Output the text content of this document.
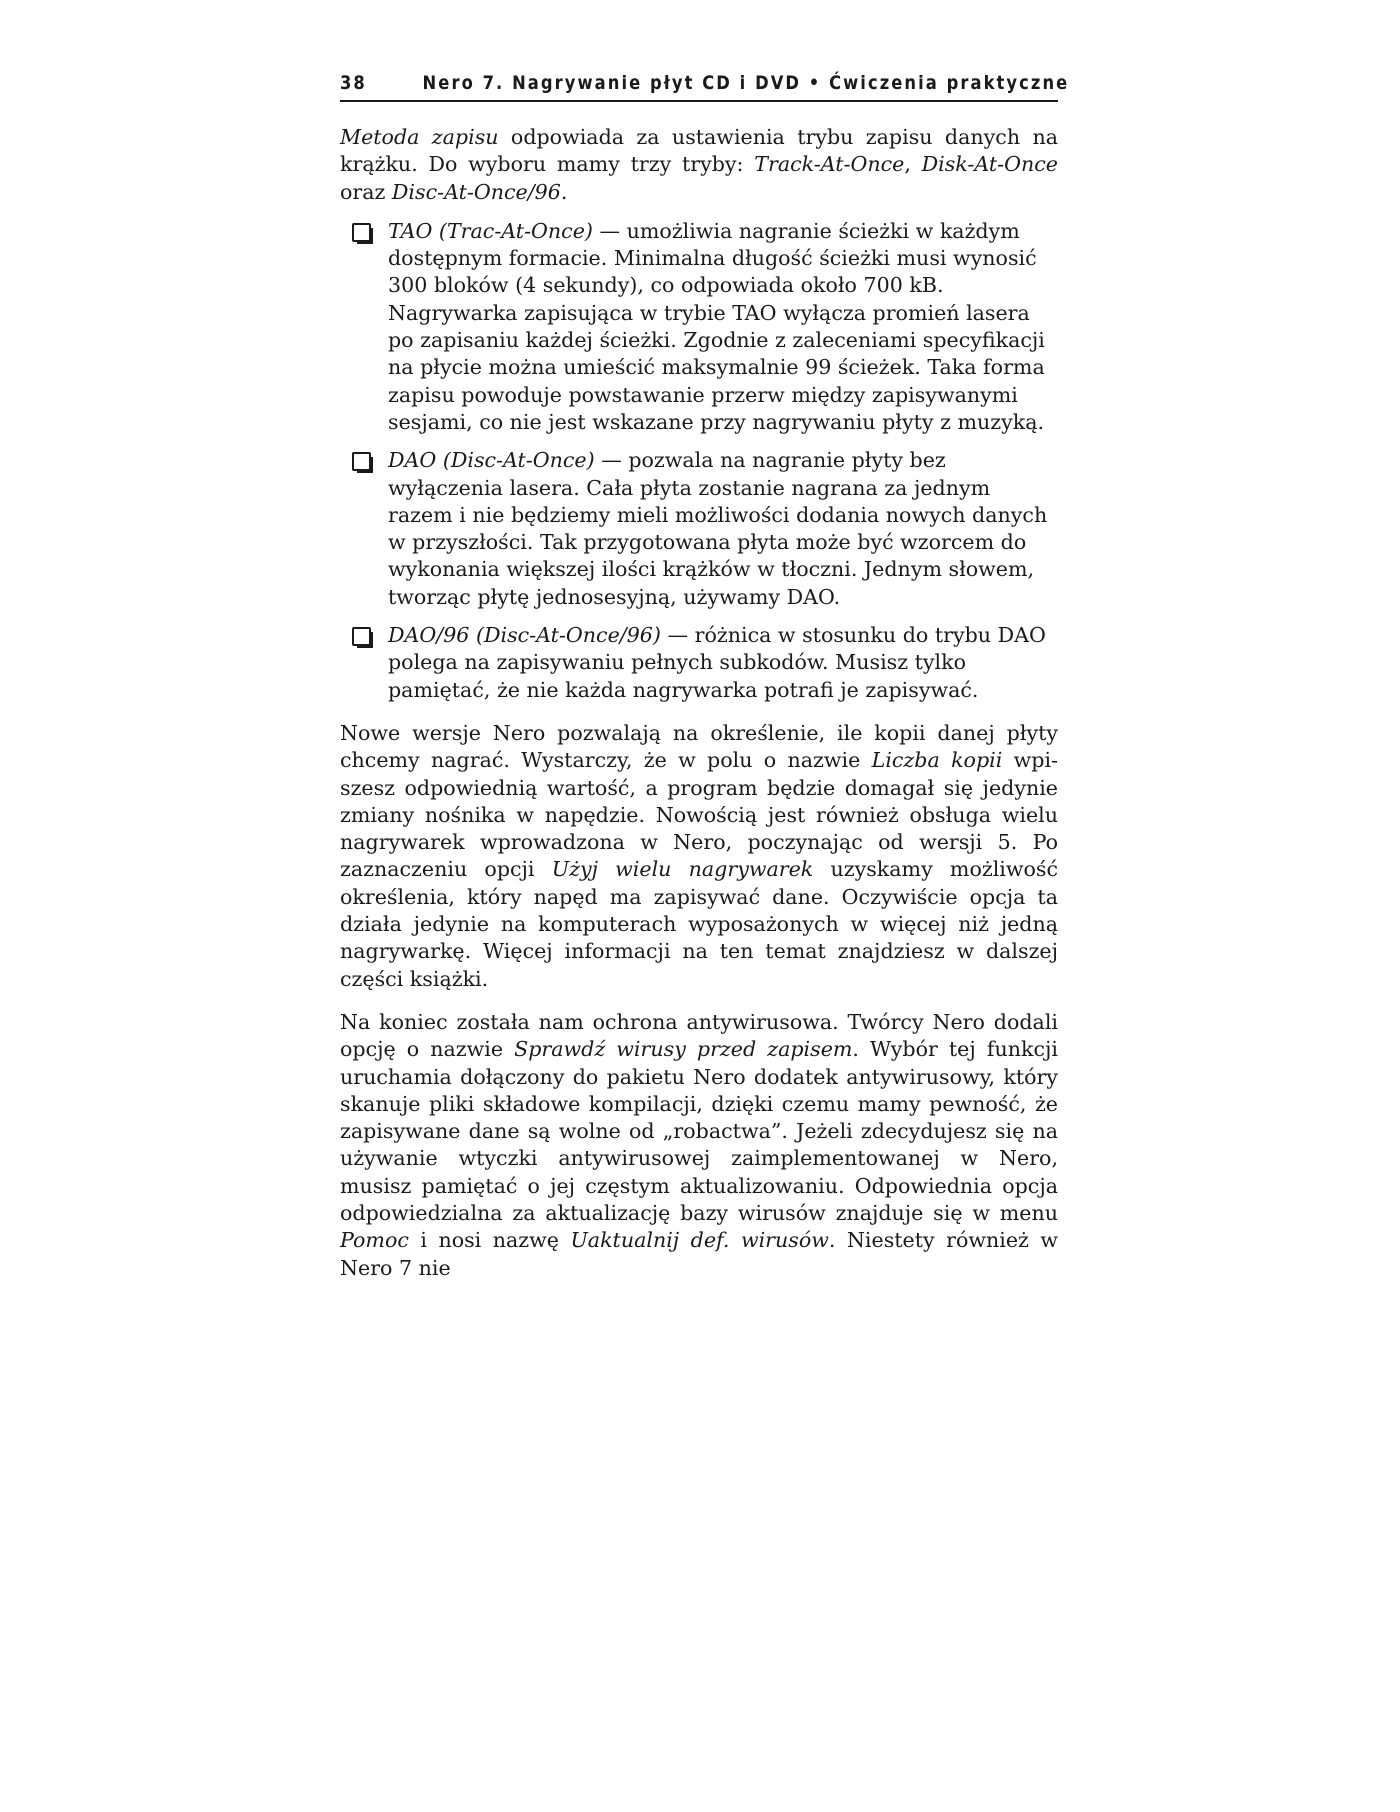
38	Nero 7. Nagrywanie płyt CD i DVD • Ćwiczenia praktyczne

Metoda zapisu odpowiada za ustawienia trybu zapisu danych na krążku. Do wyboru mamy trzy tryby: Track-At-Once, Disk-At-Once oraz Disc-At-Once/96.

TAO (Trac-At-Once) — umożliwia nagranie ścieżki w każdym dostępnym formacie. Minimalna długość ścieżki musi wynosić 300 bloków (4 sekundy), co odpowiada około 700 kB. Nagrywarka zapisująca w trybie TAO wyłącza promień lasera po zapisaniu każdej ścieżki. Zgodnie z zaleceniami specyfikacji na płycie można umieścić maksymalnie 99 ścieżek. Taka forma zapisu powoduje powstawanie przerw między zapisywanymi sesjami, co nie jest wskazane przy nagrywaniu płyty z muzyką.
DAO (Disc-At-Once) — pozwala na nagranie płyty bez wyłączenia lasera. Cała płyta zostanie nagrana za jednym razem i nie będziemy mieli możliwości dodania nowych danych w przyszłości. Tak przygotowana płyta może być wzorcem do wykonania większej ilości krążków w tłoczni. Jednym słowem, tworząc płytę jednosesyjną, używamy DAO.
DAO/96 (Disc-At-Once/96) — różnica w stosunku do trybu DAO polega na zapisywaniu pełnych subkodów. Musisz tylko pamiętać, że nie każda nagrywarka potrafi je zapisywać.

Nowe wersje Nero pozwalają na określenie, ile kopii danej płyty chcemy nagrać. Wystarczy, że w polu o nazwie Liczba kopii wpiszesz odpowiednią wartość, a program będzie domagał się jedynie zmiany nośnika w napędzie. Nowością jest również obsługa wielu nagrywarek wprowadzona w Nero, poczynając od wersji 5. Po zaznaczeniu opcji Użyj wielu nagrywarek uzyskamy możliwość określenia, który napęd ma zapisywać dane. Oczywiście opcja ta działa jedynie na komputerach wyposażonych w więcej niż jedną nagrywarkę. Więcej informacji na ten temat znajdziesz w dalszej części książki.

Na koniec została nam ochrona antywirusowa. Twórcy Nero dodali opcję o nazwie Sprawdź wirusy przed zapisem. Wybór tej funkcji uruchamia dołączony do pakietu Nero dodatek antywirusowy, który skanuje pliki składowe kompilacji, dzięki czemu mamy pewność, że zapisywane dane są wolne od „robactwa”. Jeżeli zdecydujesz się na używanie wtyczki antywirusowej zaimplementowanej w Nero, musisz pamiętać o jej częstym aktualizowaniu. Odpowiednia opcja odpowiedzialna za aktualizację bazy wirusów znajduje się w menu Pomoc i nosi nazwę Uaktualnij def. wirusów. Niestety również w Nero 7 nie
